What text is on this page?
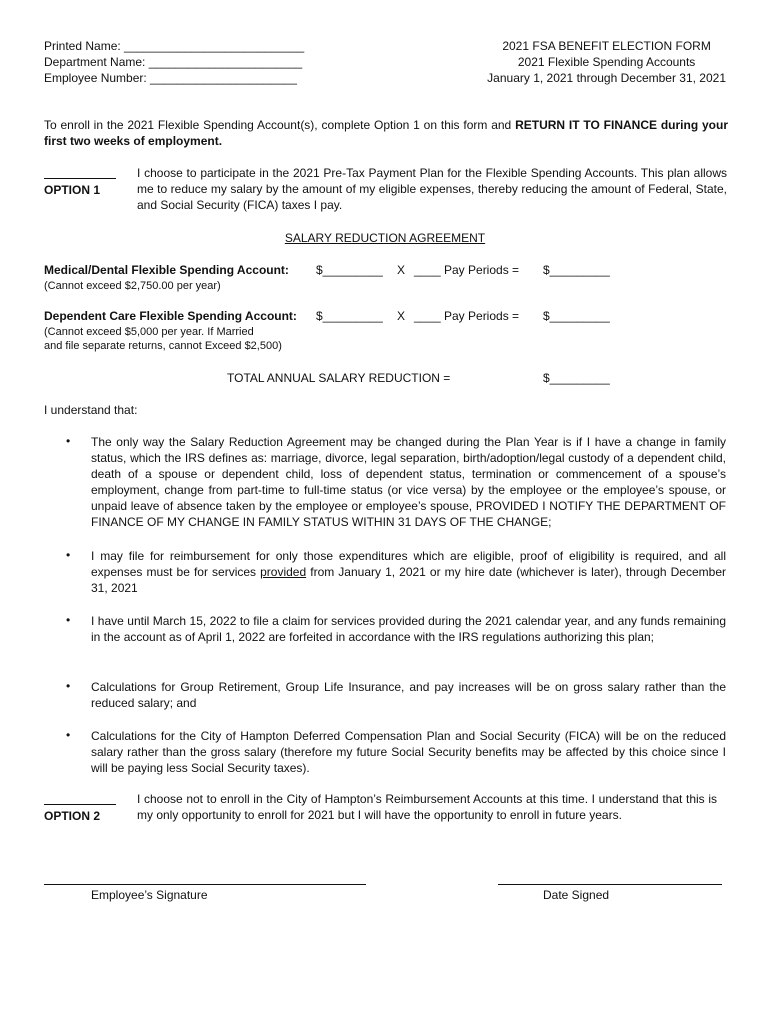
Printed Name: ___________________________
Department Name: _______________________
Employee Number: ______________________
2021 FSA BENEFIT ELECTION FORM
2021 Flexible Spending Accounts
January 1, 2021 through December 31, 2021
To enroll in the 2021 Flexible Spending Account(s), complete Option 1 on this form and RETURN IT TO FINANCE during your first two weeks of employment.
OPTION 1
I choose to participate in the 2021 Pre-Tax Payment Plan for the Flexible Spending Accounts. This plan allows me to reduce my salary by the amount of my eligible expenses, thereby reducing the amount of Federal, State, and Social Security (FICA) taxes I pay.
SALARY REDUCTION AGREEMENT
Medical/Dental Flexible Spending Account: $_________ X ____ Pay Periods = $_________
(Cannot exceed $2,750.00 per year)
Dependent Care Flexible Spending Account: $_________ X ____ Pay Periods = $_________
(Cannot exceed $5,000 per year. If Married
and file separate returns, cannot Exceed $2,500)
TOTAL ANNUAL SALARY REDUCTION =	$_________
I understand that:
• The only way the Salary Reduction Agreement may be changed during the Plan Year is if I have a change in family status, which the IRS defines as: marriage, divorce, legal separation, birth/adoption/legal custody of a dependent child, death of a spouse or dependent child, loss of dependent status, termination or commencement of a spouse’s employment, change from part-time to full-time status (or vice versa) by the employee or the employee’s spouse, or unpaid leave of absence taken by the employee or employee’s spouse, PROVIDED I NOTIFY THE DEPARTMENT OF FINANCE OF MY CHANGE IN FAMILY STATUS WITHIN 31 DAYS OF THE CHANGE;
• I may file for reimbursement for only those expenditures which are eligible, proof of eligibility is required, and all expenses must be for services provided from January 1, 2021 or my hire date (whichever is later), through December 31, 2021
• I have until March 15, 2022 to file a claim for services provided during the 2021 calendar year, and any funds remaining in the account as of April 1, 2022 are forfeited in accordance with the IRS regulations authorizing this plan;
• Calculations for Group Retirement, Group Life Insurance, and pay increases will be on gross salary rather than the reduced salary; and
• Calculations for the City of Hampton Deferred Compensation Plan and Social Security (FICA) will be on the reduced salary rather than the gross salary (therefore my future Social Security benefits may be affected by this choice since I will be paying less Social Security taxes).
OPTION 2
I choose not to enroll in the City of Hampton’s Reimbursement Accounts at this time. I understand that this is my only opportunity to enroll for 2021 but I will have the opportunity to enroll in future years.
Employee’s Signature	Date Signed
